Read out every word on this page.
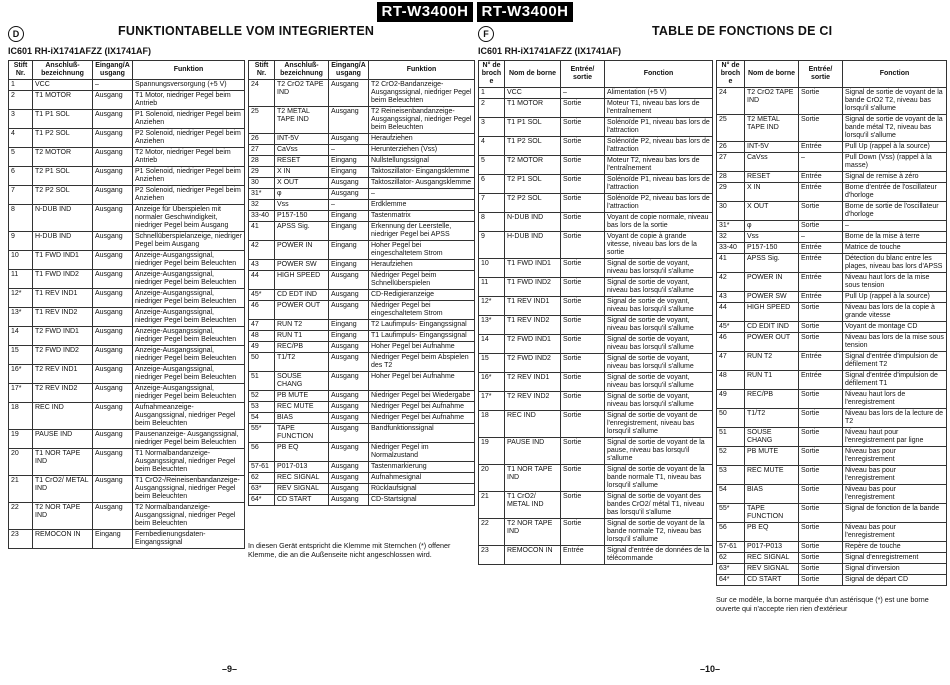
RT-W3400H RT-W3400H
D	FUNKTIONTABELLE VOM INTEGRIERTEN
IC601 RH-iX1741AFZZ (IX1741AF)
Stift Nr.	Anschluß-bezeichnung	Eingang/Ausgang	Funktion
1	VCC	–	Spannungsversorgung (+5 V)
2	T1 MOTOR	Ausgang	T1 Motor, niedriger Pegel beim Antrieb
3	T1 P1 SOL	Ausgang	P1 Solenoid, niedriger Pegel beim Anziehen
4	T1 P2 SOL	Ausgang	P2 Solenoid, niedriger Pegel beim Anziehen
5	T2 MOTOR	Ausgang	T2 Motor, niedriger Pegel beim Antrieb
6	T2 P1 SOL	Ausgang	P1 Solenoid, niedriger Pegel beim Anziehen
7	T2 P2 SOL	Ausgang	P2 Solenoid, niedriger Pegel beim Anziehen
8	N-DUB IND	Ausgang	Anzeige für Überspielen mit normaler Geschwindigkeit, niedriger Pegel beim Ausgang
9	H-DUB IND	Ausgang	Schnellüberspielanzeige, niedriger Pegel beim Ausgang
10	T1 FWD IND1	Ausgang	Anzeige-Ausgangssignal, niedriger Pegel beim Beleuchten
11	T1 FWD IND2	Ausgang	Anzeige-Ausgangssignal, niedriger Pegel beim Beleuchten
12*	T1 REV IND1	Ausgang	Anzeige-Ausgangssignal, niedriger Pegel beim Beleuchten
13*	T1 REV IND2	Ausgang	Anzeige-Ausgangssignal, niedriger Pegel beim Beleuchten
14	T2 FWD IND1	Ausgang	Anzeige-Ausgangssignal, niedriger Pegel beim Beleuchten
15	T2 FWD IND2	Ausgang	Anzeige-Ausgangssignal, niedriger Pegel beim Beleuchten
16*	T2 REV IND1	Ausgang	Anzeige-Ausgangssignal, niedriger Pegel beim Beleuchten
17*	T2 REV IND2	Ausgang	Anzeige-Ausgangssignal, niedriger Pegel beim Beleuchten
18	REC IND	Ausgang	Aufnahmeanzeige- Ausgangssignal, niedriger Pegel beim Beleuchten
19	PAUSE IND	Ausgang	Pausenanzeige- Ausgangssignal, niedriger Pegel beim Beleuchten
20	T1 NOR TAPE IND	Ausgang	T1 Normalbandanzeige-Ausgangssignal, niedriger Pegel beim Beleuchten
21	T1 CrO2/ METAL IND	Ausgang	T1 CrO2-/Reineisenbandanzeige-Ausgangssignal, niedriger Pegel beim Beleuchten
22	T2 NOR TAPE IND	Ausgang	T2 Normalbandanzeige-Ausgangssignal, niedriger Pegel beim Beleuchten
23	REMOCON IN	Eingang	Fernbedienungsdaten- Eingangssignal
Stift Nr.	Anschluß-bezeichnung	Eingang/Ausgang	Funktion
24	T2 CrO2 TAPE IND	Ausgang	T2 CrO2-Bandanzeige-Ausgangssignal, niedriger Pegel beim Beleuchten
25	T2 METAL TAPE IND	Ausgang	T2 Reineisenbandanzeige-Ausgangssignal, niedriger Pegel beim Beleuchten
26	INT-5V	Ausgang	Heraufziehen
27	CaVss	–	Herunterziehen (Vss)
28	RESET	Eingang	Nullstellungssignal
29	X IN	Eingang	Taktoszillator- Eingangsklemme
30	X OUT	Ausgang	Taktoszillator- Ausgangsklemme
31*	φ	Ausgang	–
32	Vss	–	Erdklemme
33-40	P157-150	Eingang	Tastenmatrix
41	APSS Sig.	Eingang	Erkennung der Leerstelle, niedriger Pegel bei APSS
42	POWER IN	Eingang	Hoher Pegel bei eingeschaltetem Strom
43	POWER SW	Eingang	Heraufziehen
44	HIGH SPEED	Ausgang	Niedriger Pegel beim Schnellüberspielen
45*	CD EDT IND	Ausgang	CD-Redigieranzeige
46	POWER OUT	Ausgang	Niedriger Pegel bei eingeschaltetem Strom
47	RUN T2	Eingang	T2 Laufimpuls- Eingangssignal
48	RUN T1	Eingang	T1 Laufimpuls- Eingangssignal
49	REC/PB	Ausgang	Hoher Pegel bei Aufnahme
50	T1/T2	Ausgang	Niedriger Pegel beim Abspielen des T2
51	SOUSE CHANG	Ausgang	Hoher Pegel bei Aufnahme
52	PB MUTE	Ausgang	Niedriger Pegel bei Wiedergabe
53	REC MUTE	Ausgang	Niedriger Pegel bei Aufnahme
54	BIAS	Ausgang	Niedriger Pegel bei Aufnahme
55*	TAPE FUNCTION	Ausgang	Bandfunktionssignal
56	PB EQ	Ausgang	Niedriger Pegel im Normalzustand
57-61	P017-013	Ausgang	Tastenmarkierung
62	REC SIGNAL	Ausgang	Aufnahmesignal
63*	REV SIGNAL	Ausgang	Rücklaufsignal
64*	CD START	Ausgang	CD-Startsignal
In diesen Gerät entspricht die Klemme mit Sternchen (*) offener Klemme, die an die Außenseite nicht angeschlossen wird.
–9–
F	TABLE DE FONCTIONS DE CI
IC601 RH-iX1741AFZZ (IX1741AF)
N° de broche	Nom de borne	Entrée/ sortie	Fonction
1	VCC	–	Alimentation (+5 V)
2	T1 MOTOR	Sortie	Moteur T1, niveau bas lors de l'entraînement
3	T1 P1 SOL	Sortie	Solénoïde P1, niveau bas lors de l'attraction
4	T1 P2 SOL	Sortie	Solénoïde P2, niveau bas lors de l'attraction
5	T2 MOTOR	Sortie	Moteur T2, niveau bas lors de l'entraînement
6	T2 P1 SOL	Sortie	Solénoïde P1, niveau bas lors de l'attraction
7	T2 P2 SOL	Sortie	Solénoïde P2, niveau bas lors de l'attraction
8	N-DUB IND	Sortie	Voyant de copie normale, niveau bas lors de la sortie
9	H-DUB IND	Sortie	Voyant de copie à grande vitesse, niveau bas lors de la sortie
10	T1 FWD IND1	Sortie	Signal de sortie de voyant, niveau bas lorsqu'il s'allume
11	T1 FWD IND2	Sortie	Signal de sortie de voyant, niveau bas lorsqu'il s'allume
12*	T1 REV IND1	Sortie	Signal de sortie de voyant, niveau bas lorsqu'il s'allume
13*	T1 REV IND2	Sortie	Signal de sortie de voyant, niveau bas lorsqu'il s'allume
14	T2 FWD IND1	Sortie	Signal de sortie de voyant, niveau bas lorsqu'il s'allume
15	T2 FWD IND2	Sortie	Signal de sortie de voyant, niveau bas lorsqu'il s'allume
16*	T2 REV IND1	Sortie	Signal de sortie de voyant, niveau bas lorsqu'il s'allume
17*	T2 REV IND2	Sortie	Signal de sortie de voyant, niveau bas lorsqu'il s'allume
18	REC IND	Sortie	Signal de sortie de voyant de l'enregistrement, niveau bas lorsqu'il s'allume
19	PAUSE IND	Sortie	Signal de sortie de voyant de la pause, niveau bas lorsqu'il s'allume
20	T1 NOR TAPE IND	Sortie	Signal de sortie de voyant de la bande normale T1, niveau bas lorsqu'il s'allume
21	T1 CrO2/ METAL IND	Sortie	Signal de sortie de voyant des bandes CrO2/ métal T1, niveau bas lorsqu'il s'allume
22	T2 NOR TAPE IND	Sortie	Signal de sortie de voyant de la bande normale T2, niveau bas lorsqu'il s'allume
23	REMOCON IN	Entrée	Signal d'entrée de données de la télécommande
N° de broche	Nom de borne	Entrée/ sortie	Fonction
24	T2 CrO2 TAPE IND	Sortie	Signal de sortie de voyant de la bande CrO2 T2, niveau bas lorsqu'il s'allume
25	T2 METAL TAPE IND	Sortie	Signal de sortie de voyant de la bande métal T2, niveau bas lorsqu'il s'allume
26	INT-5V	Entrée	Pull Up (rappel à la source)
27	CaVss	–	Pull Down (Vss) (rappel à la masse)
28	RESET	Entrée	Signal de remise à zéro
29	X IN	Entrée	Borne d'entrée de l'oscillateur d'horloge
30	X OUT	Sortie	Borne de sortie de l'oscillateur d'horloge
31*	φ	Sortie	–
32	Vss	–	Borne de la mise à terre
33-40	P157-150	Entrée	Matrice de touche
41	APSS Sig.	Entrée	Détection du blanc entre les plages, niveau bas lors d'APSS
42	POWER IN	Entrée	Niveau haut lors de la mise sous tension
43	POWER SW	Entrée	Pull Up (rappel à la source)
44	HIGH SPEED	Sortie	Niveau bas lors de la copie à grande vitesse
45*	CD EDIT IND	Sortie	Voyant de montage CD
46	POWER OUT	Sortie	Niveau bas lors de la mise sous tension
47	RUN T2	Entrée	Signal d'entrée d'impulsion de défilement T2
48	RUN T1	Entrée	Signal d'entrée d'impulsion de défilement T1
49	REC/PB	Sortie	Niveau haut lors de l'enregistrement
50	T1/T2	Sortie	Niveau bas lors de la lecture de T2
51	SOUSE CHANG	Sortie	Niveau haut pour l'enregistrement par ligne
52	PB MUTE	Sortie	Niveau bas pour l'enregistrement
53	REC MUTE	Sortie	Niveau bas pour l'enregistrement
54	BIAS	Sortie	Niveau bas pour l'enregistrement
55*	TAPE FUNCTION	Sortie	Signal de fonction de la bande
56	PB EQ	Sortie	Niveau bas pour l'enregistrement
57-61	P017-P013	Sortie	Repère de touche
62	REC SIGNAL	Sortie	Signal d'enregistrement
63*	REV SIGNAL	Sortie	Signal d'inversion
64*	CD START	Sortie	Signal de départ CD
Sur ce modèle, la borne marquée d'un astérisque (*) est une borne ouverte qui n'accepte rien rien d'extérieur
–10–
